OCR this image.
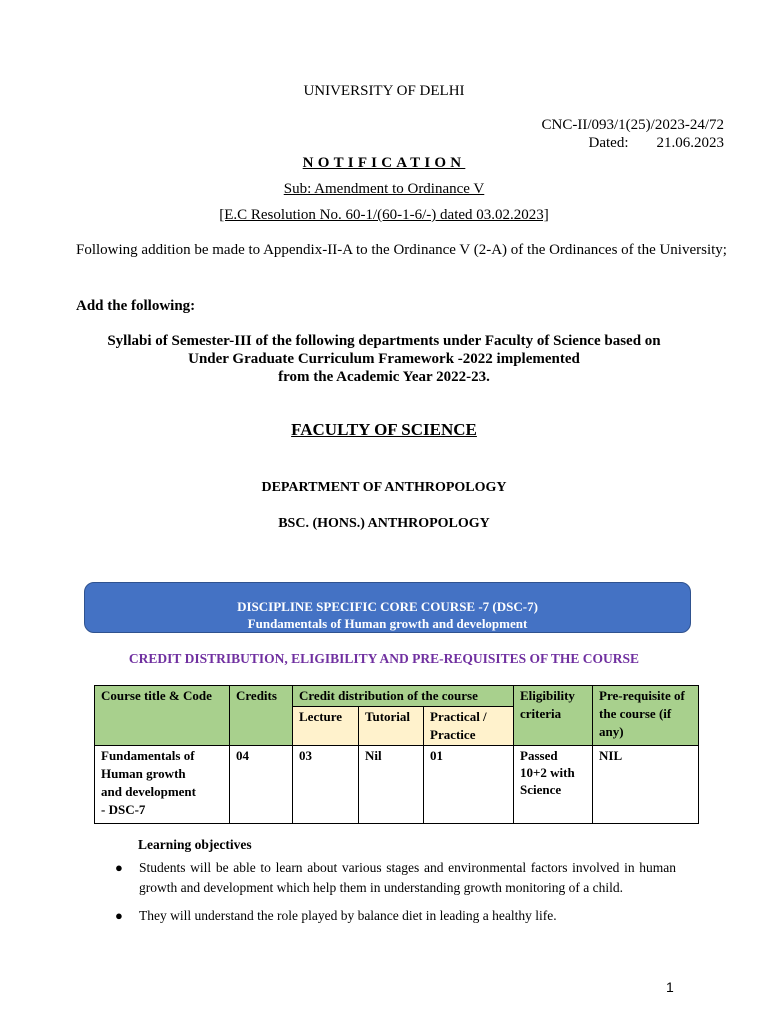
UNIVERSITY OF DELHI
CNC-II/093/1(25)/2023-24/72
Dated: 21.06.2023
NOTIFICATION
Sub: Amendment to Ordinance V
[E.C Resolution No. 60-1/(60-1-6/-) dated 03.02.2023]
Following addition be made to Appendix-II-A to the Ordinance V (2-A) of the Ordinances of the University;
Add the following:
Syllabi of Semester-III of the following departments under Faculty of Science based on
Under Graduate Curriculum Framework -2022 implemented
from the Academic Year 2022-23.
FACULTY OF SCIENCE
DEPARTMENT OF ANTHROPOLOGY
BSC. (HONS.) ANTHROPOLOGY
DISCIPLINE SPECIFIC CORE COURSE -7 (DSC-7)
Fundamentals of Human growth and development
CREDIT DISTRIBUTION, ELIGIBILITY AND PRE-REQUISITES OF THE COURSE
Course title & Code	Credits	Credit distribution of the course			Eligibility criteria	Pre-requisite of the course (if any)
		Lecture	Tutorial	Practical / Practice		

Fundamentals of
Human growth
and development
- DSC-7	04	03	Nil	01	Passed 10+2 with Science	NIL
Learning objectives
● Students will be able to learn about various stages and environmental factors involved in human growth and development which help them in understanding growth monitoring of a child.
● They will understand the role played by balance diet in leading a healthy life.
1
